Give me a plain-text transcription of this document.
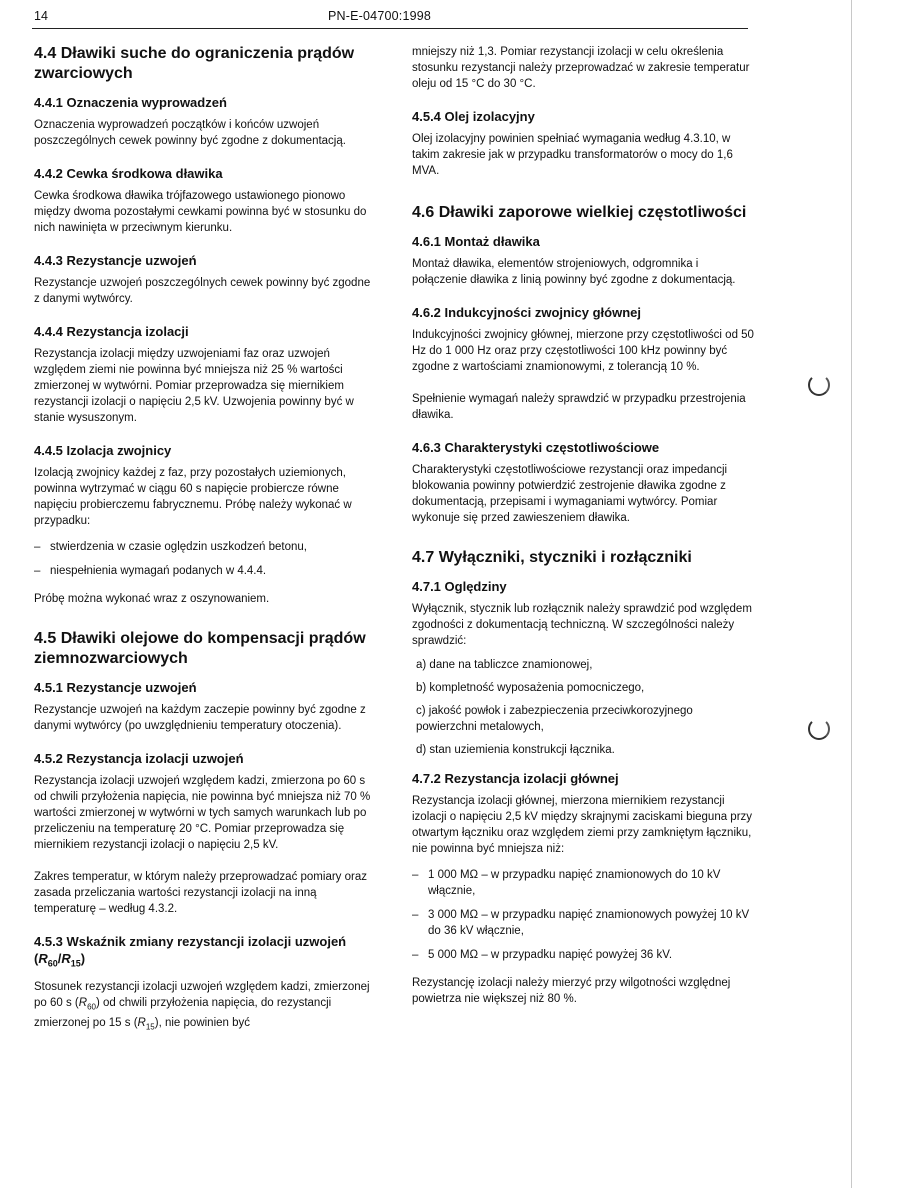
14	PN-E-04700:1998
4.4 Dławiki suche do ograniczenia prądów zwarciowych
4.4.1 Oznaczenia wyprowadzeń

Oznaczenia wyprowadzeń początków i końców uzwojeń poszczególnych cewek powinny być zgodne z dokumentacją.

4.4.2 Cewka środkowa dławika

Cewka środkowa dławika trójfazowego ustawionego pionowo między dwoma pozostałymi cewkami powinna być w stosunku do nich nawinięta w przeciwnym kierunku.

4.4.3 Rezystancje uzwojeń

Rezystancje uzwojeń poszczególnych cewek powinny być zgodne z danymi wytwórcy.

4.4.4 Rezystancja izolacji

Rezystancja izolacji między uzwojeniami faz oraz uzwojeń względem ziemi nie powinna być mniejsza niż 25 % wartości zmierzonej w wytwórni. Pomiar przeprowadza się miernikiem rezystancji izolacji o napięciu 2,5 kV. Uzwojenia powinny być w stanie wysuszonym.

4.4.5 Izolacja zwojnicy

Izolacją zwojnicy każdej z faz, przy pozostałych uziemionych, powinna wytrzymać w ciągu 60 s napięcie probiercze równe napięciu probierczemu fabrycznemu. Próbę należy wykonać w przypadku:

– stwierdzenia w czasie oględzin uszkodzeń betonu,
– niespełnienia wymagań podanych w 4.4.4.

Próbę można wykonać wraz z oszynowaniem.

4.5 Dławiki olejowe do kompensacji prądów ziemnozwarciowych
4.5.1 Rezystancje uzwojeń

Rezystancje uzwojeń na każdym zaczepie powinny być zgodne z danymi wytwórcy (po uwzględnieniu temperatury otoczenia).

4.5.2 Rezystancja izolacji uzwojeń

Rezystancja izolacji uzwojeń względem kadzi, zmierzona po 60 s od chwili przyłożenia napięcia, nie powinna być mniejsza niż 70 % wartości zmierzonej w wytwórni w tych samych warunkach lub po przeliczeniu na temperaturę 20 °C. Pomiar przeprowadza się miernikiem rezystancji izolacji o napięciu 2,5 kV.

Zakres temperatur, w którym należy przeprowadzać pomiary oraz zasada przeliczania wartości rezystancji izolacji na inną temperaturę – według 4.3.2.

4.5.3 Wskaźnik zmiany rezystancji izolacji uzwojeń $(R_{60}/R_{15})$

Stosunek rezystancji izolacji uzwojeń względem kadzi, zmierzonej po 60 s $(R_{60})$ od chwili przyłożenia napięcia, do rezystancji zmierzonej po 15 s $(R_{15})$, nie powinien być

mniejszy niż 1,3. Pomiar rezystancji izolacji w celu określenia stosunku rezystancji należy przeprowadzać w zakresie temperatur oleju od 15 °C do 30 °C.

4.5.4 Olej izolacyjny

Olej izolacyjny powinien spełniać wymagania według 4.3.10, w takim zakresie jak w przypadku transformatorów o mocy do 1,6 MVA.

4.6 Dławiki zaporowe wielkiej częstotliwości
4.6.1 Montaż dławika

Montaż dławika, elementów strojeniowych, odgromnika i połączenie dławika z linią powinny być zgodne z dokumentacją.

4.6.2 Indukcyjności zwojnicy głównej

Indukcyjności zwojnicy głównej, mierzone przy częstotliwości od 50 Hz do 1 000 Hz oraz przy częstotliwości 100 kHz powinny być zgodne z wartościami znamionowymi, z tolerancją 10 %.

Spełnienie wymagań należy sprawdzić w przypadku przestrojenia dławika.

4.6.3 Charakterystyki częstotliwościowe

Charakterystyki częstotliwościowe rezystancji oraz impedancji blokowania powinny potwierdzić zestrojenie dławika zgodne z dokumentacją, przepisami i wymaganiami wytwórcy. Pomiar wykonuje się przed zawieszeniem dławika.

4.7 Wyłączniki, styczniki i rozłączniki
4.7.1 Oględziny

Wyłącznik, stycznik lub rozłącznik należy sprawdzić pod względem zgodności z dokumentacją techniczną. W szczególności należy sprawdzić:

a) dane na tabliczce znamionowej,
b) kompletność wyposażenia pomocniczego,
c) jakość powłok i zabezpieczenia przeciwkorozyjnego powierzchni metalowych,
d) stan uziemienia konstrukcji łącznika.
4.7.2 Rezystancja izolacji głównej

Rezystancja izolacji głównej, mierzona miernikiem rezystancji izolacji o napięciu 2,5 kV między skrajnymi zaciskami bieguna przy otwartym łączniku oraz względem ziemi przy zamkniętym łączniku, nie powinna być mniejsza niż:

– 1 000 MΩ – w przypadku napięć znamionowych do 10 kV włącznie,
– 3 000 MΩ – w przypadku napięć znamionowych powyżej 10 kV do 36 kV włącznie,
– 5 000 MΩ – w przypadku napięć powyżej 36 kV.

Rezystancję izolacji należy mierzyć przy wilgotności względnej powietrza nie większej niż 80 %.
